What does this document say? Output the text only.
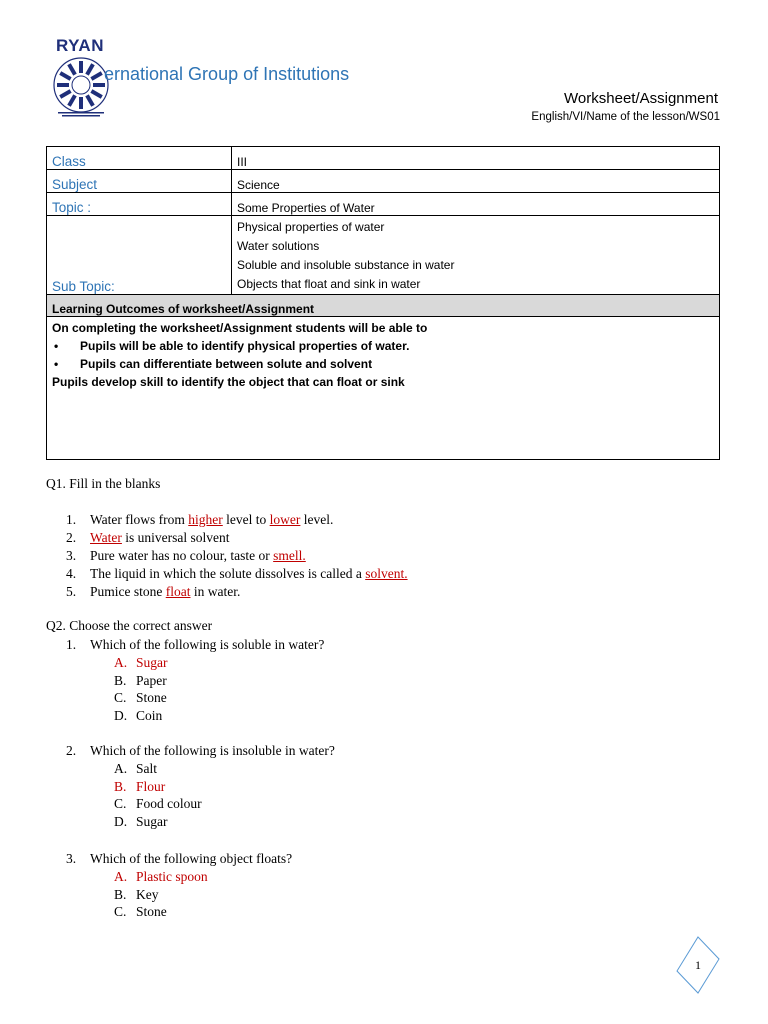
RYAN
ernational Group of Institutions
Worksheet/Assignment
English/VI/Name of the lesson/WS01
Class	III
Subject	Science
Topic :	Some Properties of Water
Sub Topic:	Physical properties of water
Water solutions
Soluble and insoluble substance in water
Objects that float and sink in water

Learning Outcomes of worksheet/Assignment	

On completing the worksheet/Assignment students will be able to
• Pupils will be able to identify physical properties of water.
• Pupils can differentiate between solute and solvent
Pupils develop skill to identify the object that can float or sink
Q1. Fill in the blanks
1. Water flows from higher level to lower level.
2. Water is universal solvent
3. Pure water has no colour, taste or smell.
4. The liquid in which the solute dissolves is called a solvent.
5. Pumice stone float in water.
Q2. Choose the correct answer
1. Which of the following is soluble in water?
A. Sugar
B. Paper
C. Stone
D. Coin
2. Which of the following is insoluble in water?
A. Salt
B. Flour
C. Food colour
D. Sugar
3. Which of the following object floats?
A. Plastic spoon
B. Key
C. Stone
1
